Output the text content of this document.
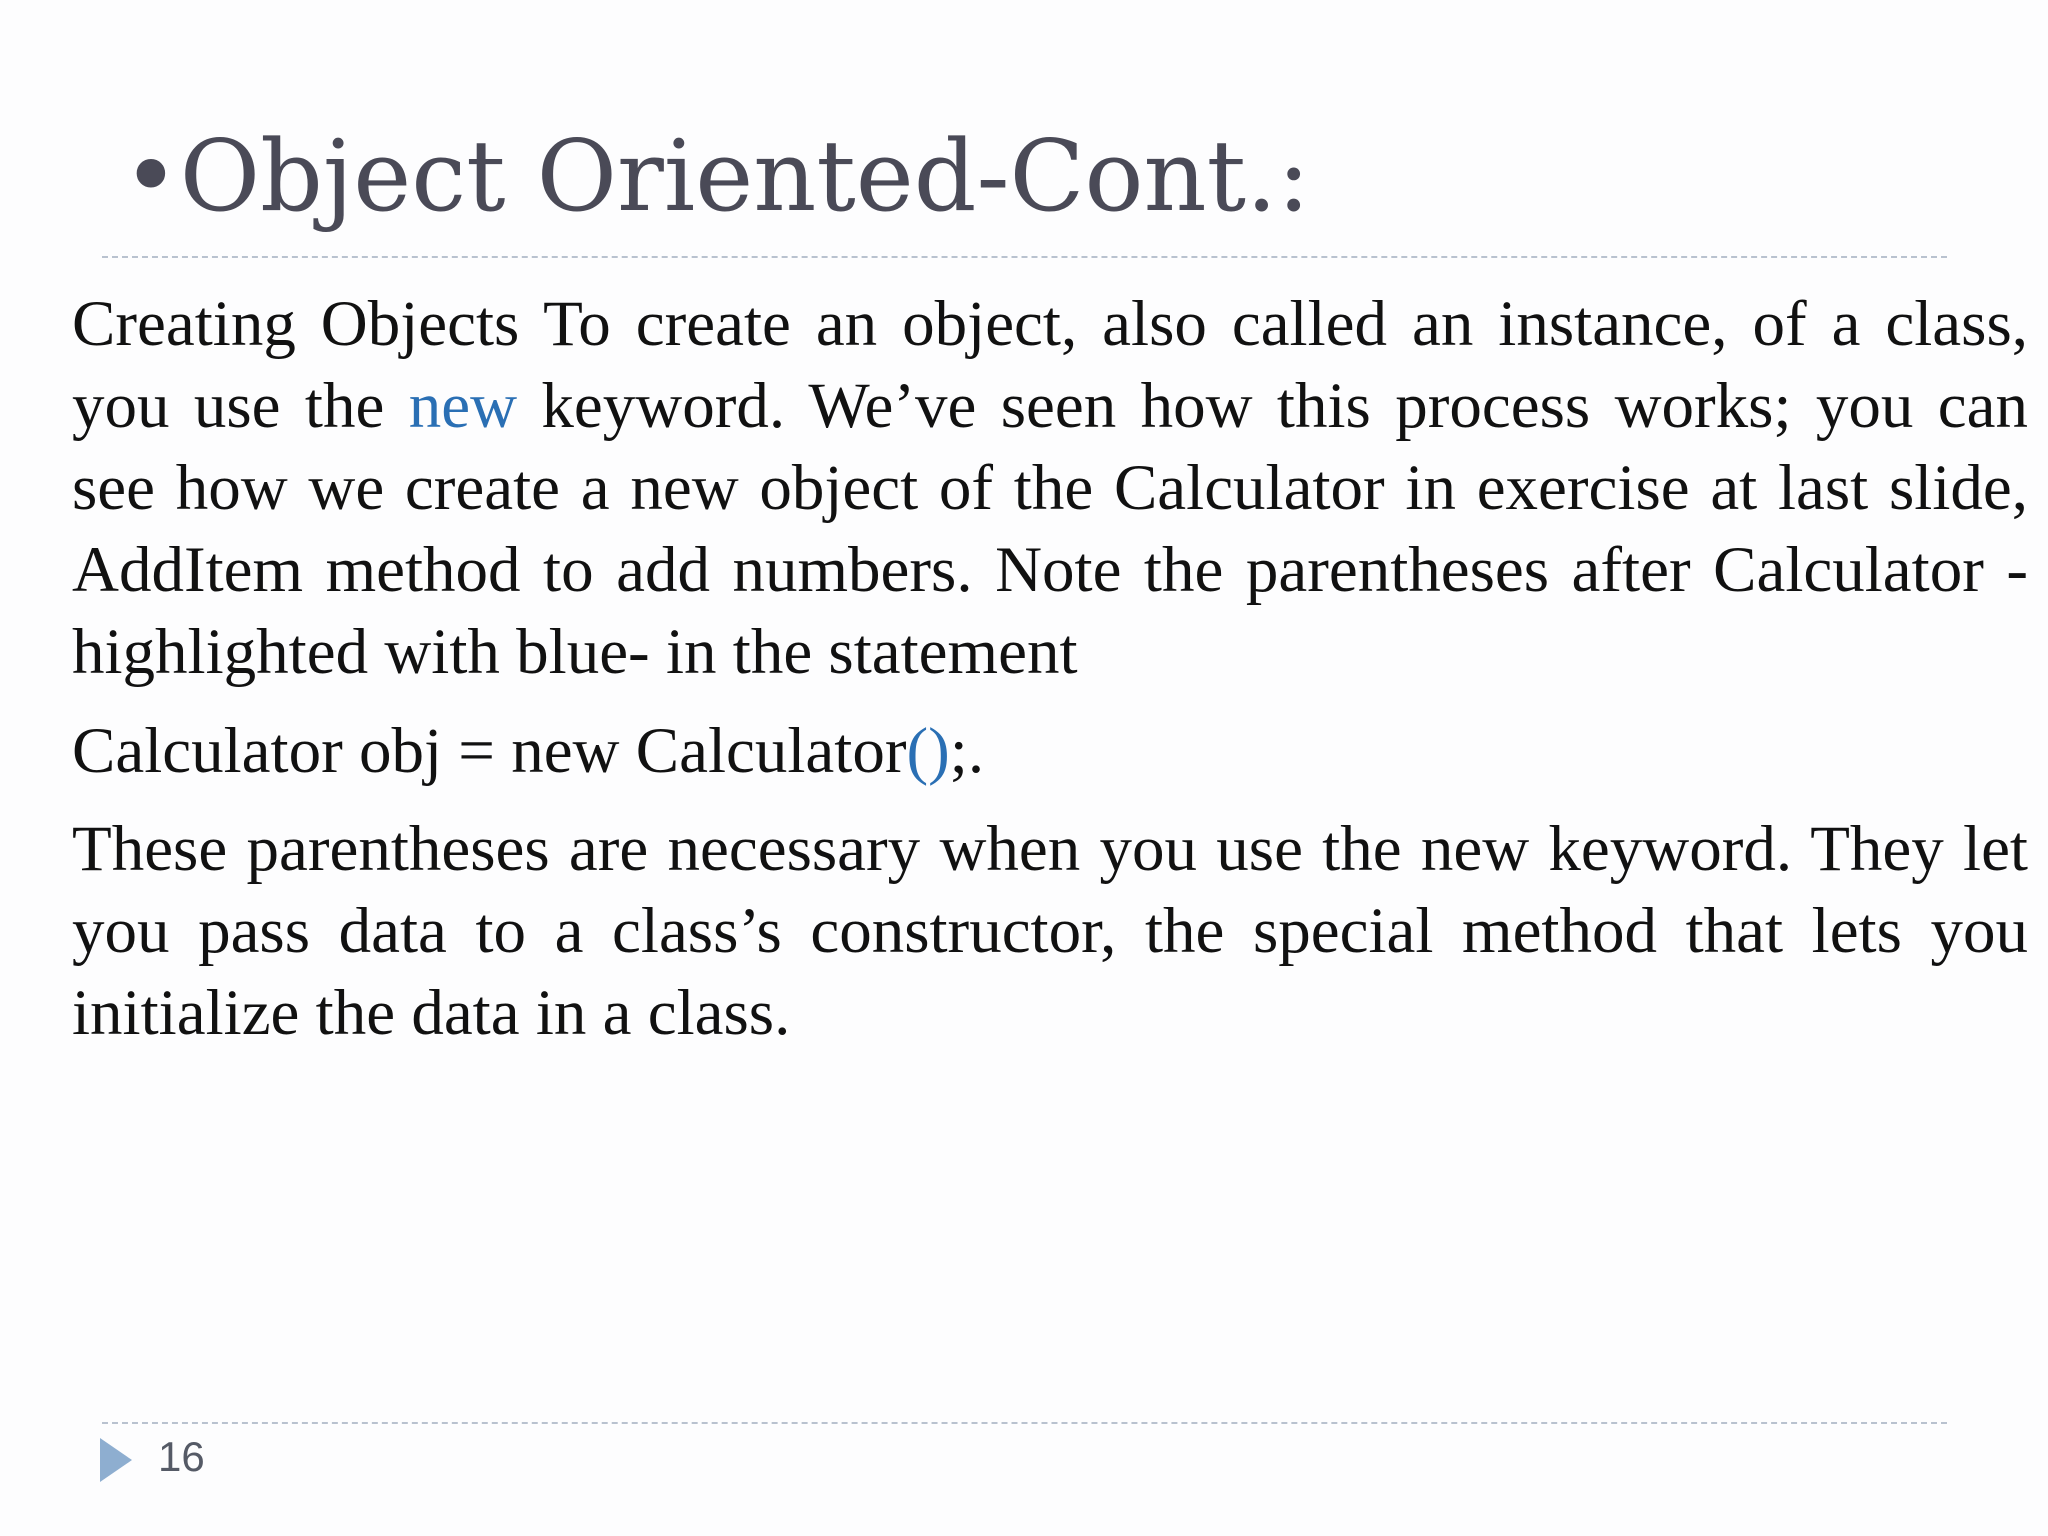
•Object Oriented-Cont.:

Creating Objects To create an object, also called an instance, of a class, you use the new keyword. We’ve seen how this process works; you can see how we create a new object of the Calculator in exercise at last slide, AddItem method to add numbers. Note the parentheses after Calculator -highlighted with blue- in the statement

Calculator obj = new Calculator();.

These parentheses are necessary when you use the new keyword. They let you pass data to a class’s constructor, the special method that lets you initialize the data in a class.

16
